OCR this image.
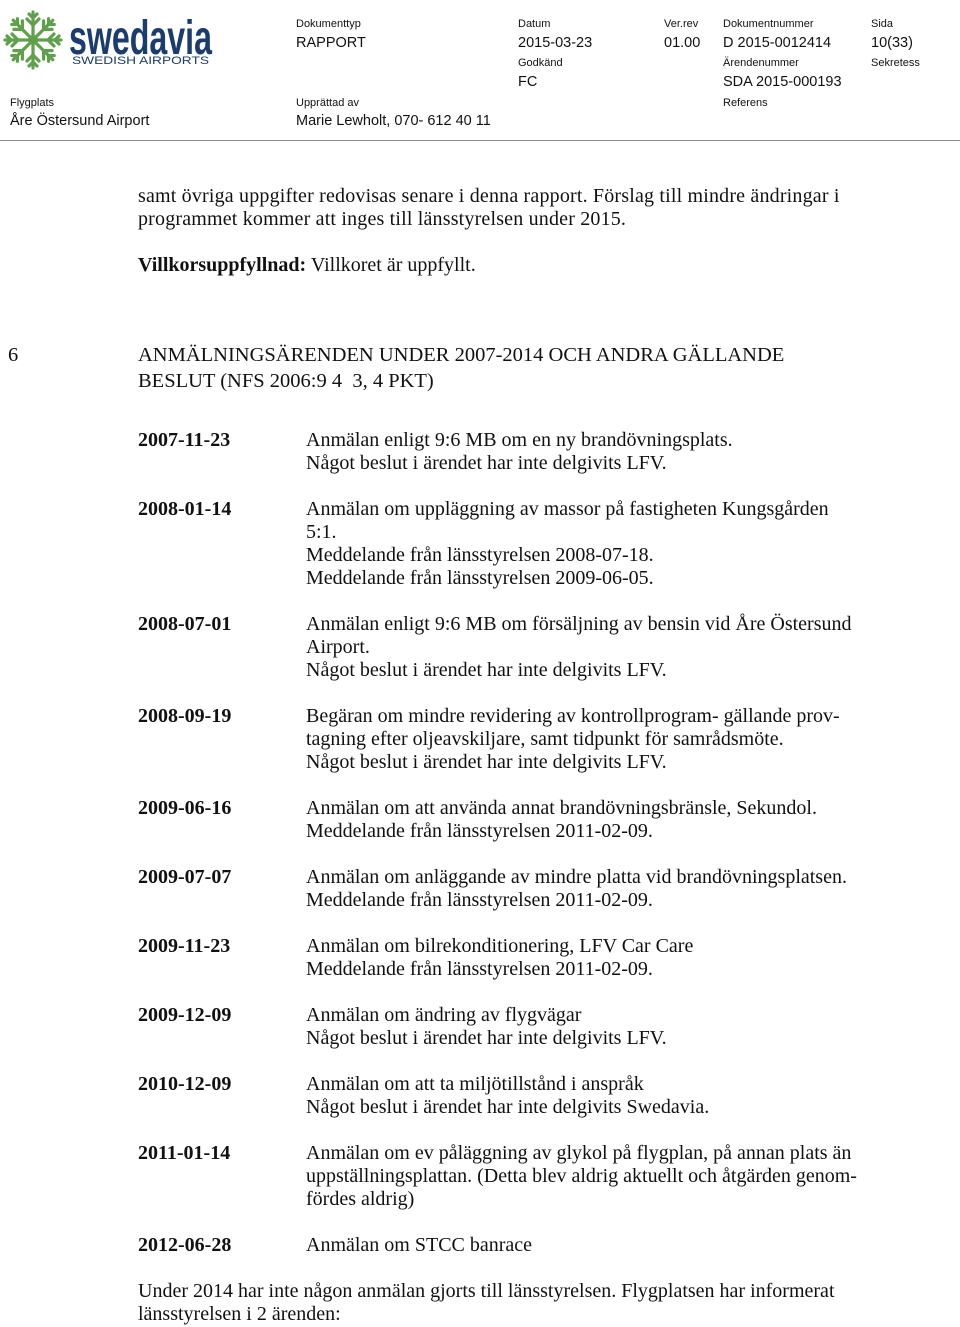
swedavia
SWEDISH AIRPORTS
Dokumenttyp
RAPPORT
Datum
2015-03-23
Ver.rev
01.00
Dokumentnummer
D 2015-0012414
Sida
10(33)
Godkänd
FC
Ärendenummer
SDA 2015-000193
Sekretess
Flygplats
Åre Östersund Airport
Upprättad av
Marie Lewholt, 070- 612 40 11
Referens
samt övriga uppgifter redovisas senare i denna rapport. Förslag till mindre ändringar i
programmet kommer att inges till länsstyrelsen under 2015.
Villkorsuppfyllnad: Villkoret är uppfyllt.
6	ANMÄLNINGSÄRENDEN UNDER 2007-2014 OCH ANDRA GÄLLANDE
BESLUT (NFS 2006:9 4  3, 4 PKT)
2007-11-23	Anmälan enligt 9:6 MB om en ny brandövningsplats.
Något beslut i ärendet har inte delgivits LFV.
2008-01-14	Anmälan om uppläggning av massor på fastigheten Kungsgården
5:1.
Meddelande från länsstyrelsen 2008-07-18.
Meddelande från länsstyrelsen 2009-06-05.
2008-07-01	Anmälan enligt 9:6 MB om försäljning av bensin vid Åre Östersund
Airport.
Något beslut i ärendet har inte delgivits LFV.
2008-09-19	Begäran om mindre revidering av kontrollprogram- gällande prov-
tagning efter oljeavskiljare, samt tidpunkt för samrådsmöte.
Något beslut i ärendet har inte delgivits LFV.
2009-06-16	Anmälan om att använda annat brandövningsbränsle, Sekundol.
Meddelande från länsstyrelsen 2011-02-09.
2009-07-07	Anmälan om anläggande av mindre platta vid brandövningsplatsen.
Meddelande från länsstyrelsen 2011-02-09.
2009-11-23	Anmälan om bilrekonditionering, LFV Car Care
Meddelande från länsstyrelsen 2011-02-09.
2009-12-09	Anmälan om ändring av flygvägar
Något beslut i ärendet har inte delgivits LFV.
2010-12-09	Anmälan om att ta miljötillstånd i anspråk
Något beslut i ärendet har inte delgivits Swedavia.
2011-01-14	Anmälan om ev påläggning av glykol på flygplan, på annan plats än
uppställningsplattan. (Detta blev aldrig aktuellt och åtgärden genom-
fördes aldrig)
2012-06-28	Anmälan om STCC banrace
Under 2014 har inte någon anmälan gjorts till länsstyrelsen. Flygplatsen har informerat
länsstyrelsen i 2 ärenden:
